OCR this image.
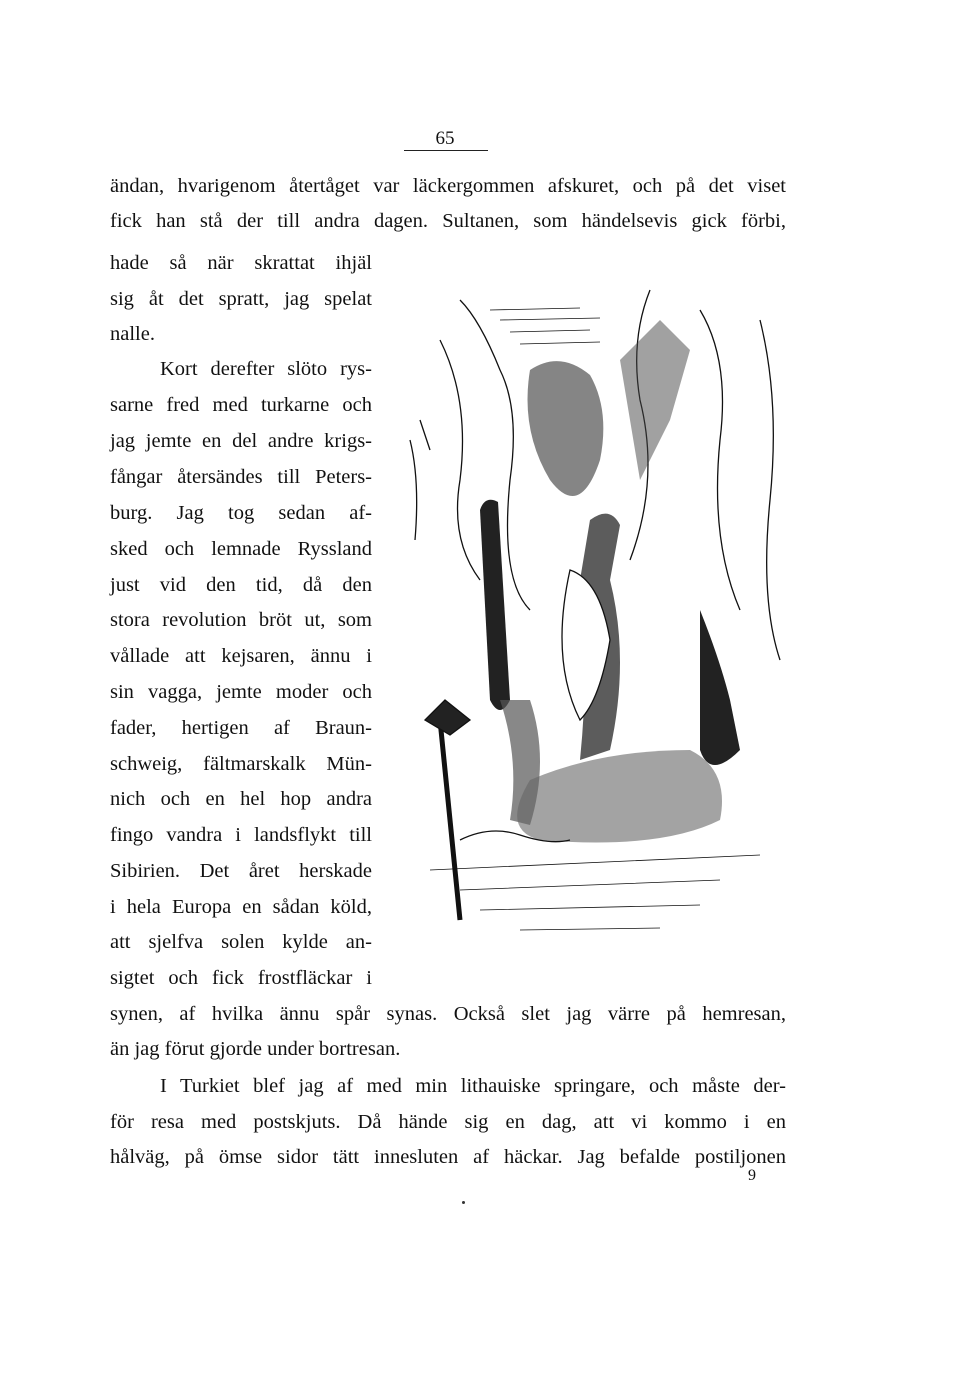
65
ändan, hvarigenom återtåget var läckergommen afskuret, och på det viset
fick han stå der till andra dagen. Sultanen, som händelsevis gick förbi,
hade så när skrattat ihjäl
sig åt det spratt, jag spelat
nalle.
Kort derefter slöto rys-
sarne fred med turkarne och
jag jemte en del andre krigs-
fångar återsändes till Peters-
burg. Jag tog sedan af-
sked och lemnade Ryssland
just vid den tid, då den
stora revolution bröt ut, som
vållade att kejsaren, ännu i
sin vagga, jemte moder och
fader, hertigen af Braun-
schweig, fältmarskalk Mün-
nich och en hel hop andra
fingo vandra i landsflykt till
Sibirien. Det året herskade
i hela Europa en sådan köld,
att sjelfva solen kylde an-
sigtet och fick frostfläckar i
synen, af hvilka ännu spår synas. Också slet jag värre på hemresan,
än jag förut gjorde under bortresan.
I Turkiet blef jag af med min lithauiske springare, och måste der-
för resa med postskjuts. Då hände sig en dag, att vi kommo i en
hålväg, på ömse sidor tätt innesluten af häckar. Jag befalde postiljonen
9
